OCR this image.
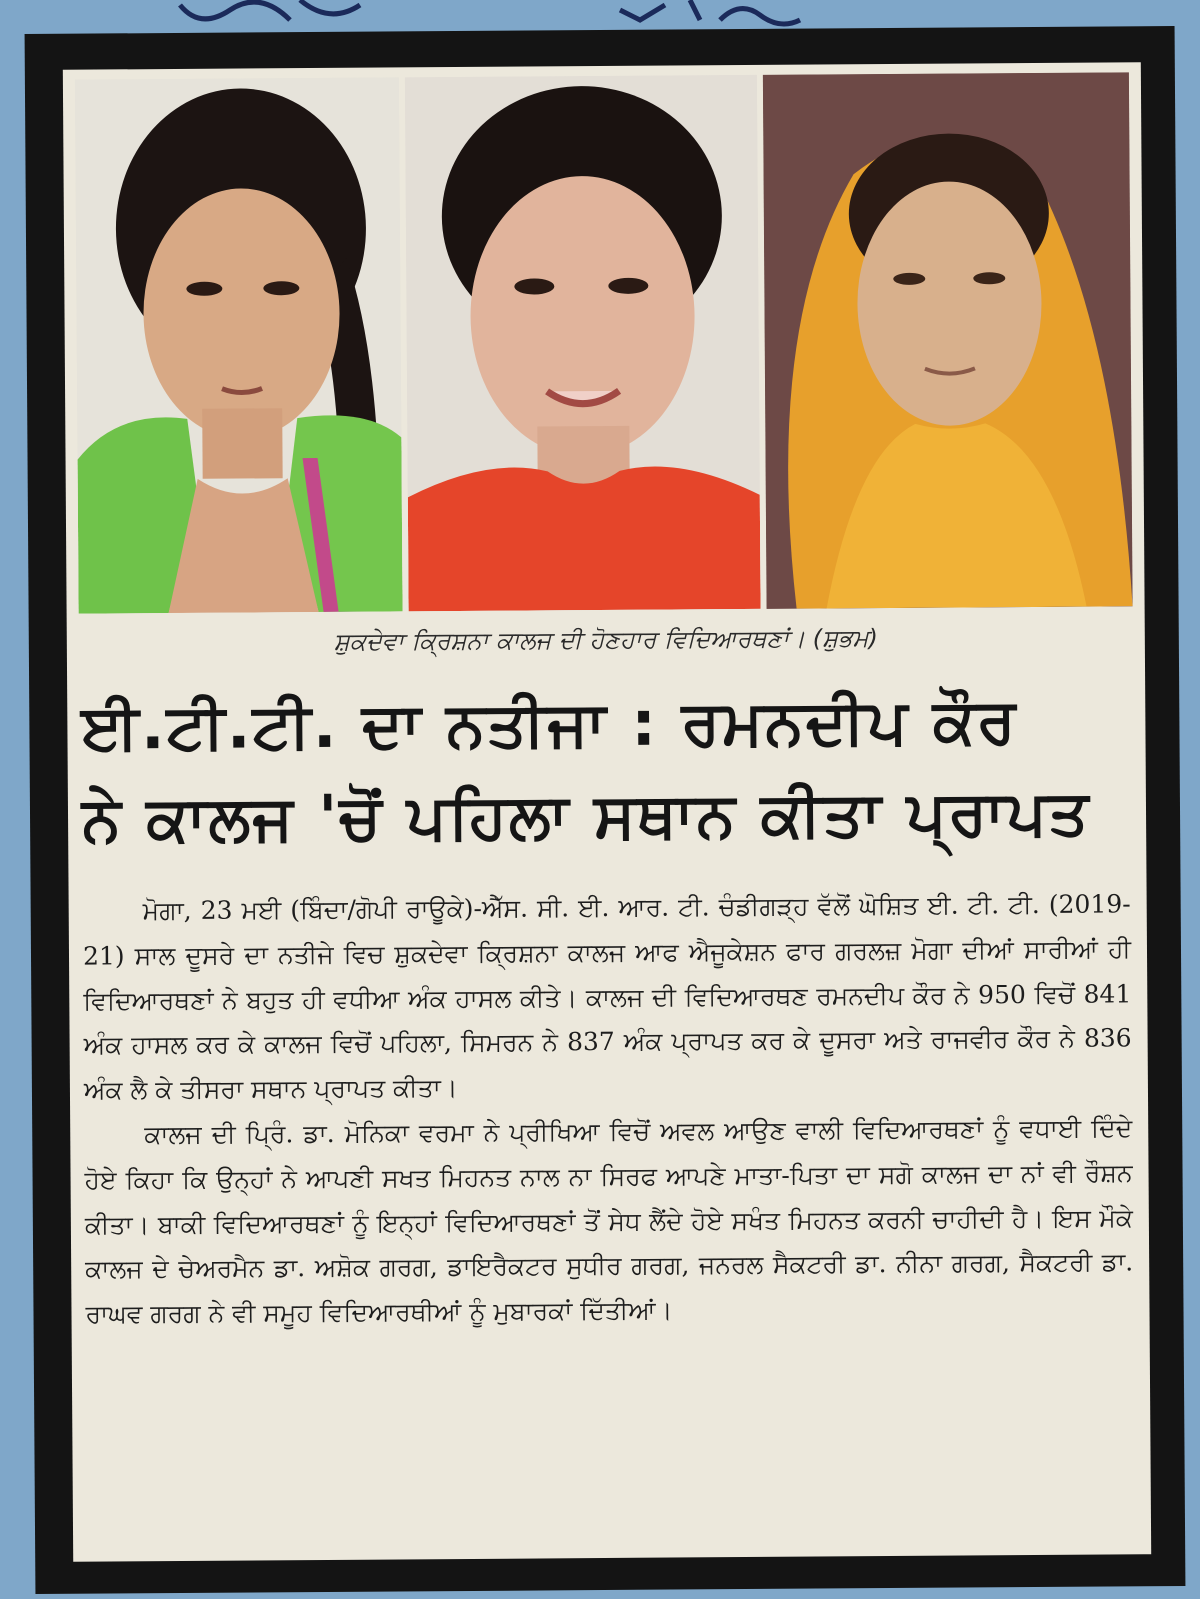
ਸ਼ੁਕਦੇਵਾ ਕ੍ਰਿਸ਼ਨਾ ਕਾਲਜ ਦੀ ਹੋਣਹਾਰ ਵਿਦਿਆਰਥਣਾਂ। (ਸ਼ੁਭਮ)
ਈ.ਟੀ.ਟੀ. ਦਾ ਨਤੀਜਾ : ਰਮਨਦੀਪ ਕੌਰ
ਨੇ ਕਾਲਜ 'ਚੋਂ ਪਹਿਲਾ ਸਥਾਨ ਕੀਤਾ ਪ੍ਰਾਪਤ

ਮੋਗਾ, 23 ਮਈ (ਬਿੰਦਾ/ਗੋਪੀ ਰਾਊਕੇ)-ਐੱਸ. ਸੀ. ਈ. ਆਰ. ਟੀ. ਚੰਡੀਗੜ੍ਹ ਵੱਲੋਂ ਘੋਸ਼ਿਤ ਈ. ਟੀ. ਟੀ. (2019-21) ਸਾਲ ਦੂਸਰੇ ਦਾ ਨਤੀਜੇ ਵਿਚ ਸ਼ੁਕਦੇਵਾ ਕ੍ਰਿਸ਼ਨਾ ਕਾਲਜ ਆਫ ਐਜੂਕੇਸ਼ਨ ਫਾਰ ਗਰਲਜ਼ ਮੋਗਾ ਦੀਆਂ ਸਾਰੀਆਂ ਹੀ ਵਿਦਿਆਰਥਣਾਂ ਨੇ ਬਹੁਤ ਹੀ ਵਧੀਆ ਅੰਕ ਹਾਸਲ ਕੀਤੇ। ਕਾਲਜ ਦੀ ਵਿਦਿਆਰਥਣ ਰਮਨਦੀਪ ਕੌਰ ਨੇ 950 ਵਿਚੋਂ 841 ਅੰਕ ਹਾਸਲ ਕਰ ਕੇ ਕਾਲਜ ਵਿਚੋਂ ਪਹਿਲਾ, ਸਿਮਰਨ ਨੇ 837 ਅੰਕ ਪ੍ਰਾਪਤ ਕਰ ਕੇ ਦੂਸਰਾ ਅਤੇ ਰਾਜਵੀਰ ਕੌਰ ਨੇ 836 ਅੰਕ ਲੈ ਕੇ ਤੀਸਰਾ ਸਥਾਨ ਪ੍ਰਾਪਤ ਕੀਤਾ।

ਕਾਲਜ ਦੀ ਪ੍ਰਿੰ. ਡਾ. ਮੋਨਿਕਾ ਵਰਮਾ ਨੇ ਪ੍ਰੀਖਿਆ ਵਿਚੋਂ ਅਵਲ ਆਉਣ ਵਾਲੀ ਵਿਦਿਆਰਥਣਾਂ ਨੂੰ ਵਧਾਈ ਦਿੰਦੇ ਹੋਏ ਕਿਹਾ ਕਿ ਉਨ੍ਹਾਂ ਨੇ ਆਪਣੀ ਸਖਤ ਮਿਹਨਤ ਨਾਲ ਨਾ ਸਿਰਫ ਆਪਣੇ ਮਾਤਾ-ਪਿਤਾ ਦਾ ਸਗੋ ਕਾਲਜ ਦਾ ਨਾਂ ਵੀ ਰੌਸ਼ਨ ਕੀਤਾ। ਬਾਕੀ ਵਿਦਿਆਰਥਣਾਂ ਨੂੰ ਇਨ੍ਹਾਂ ਵਿਦਿਆਰਥਣਾਂ ਤੋਂ ਸੇਧ ਲੈਂਦੇ ਹੋਏ ਸਖੰਤ ਮਿਹਨਤ ਕਰਨੀ ਚਾਹੀਦੀ ਹੈ। ਇਸ ਮੌਕੇ ਕਾਲਜ ਦੇ ਚੇਅਰਮੈਨ ਡਾ. ਅਸ਼ੋਕ ਗਰਗ, ਡਾਇਰੈਕਟਰ ਸੁਧੀਰ ਗਰਗ, ਜਨਰਲ ਸੈਕਟਰੀ ਡਾ. ਨੀਨਾ ਗਰਗ, ਸੈਕਟਰੀ ਡਾ. ਰਾਘਵ ਗਰਗ ਨੇ ਵੀ ਸਮੂਹ ਵਿਦਿਆਰਥੀਆਂ ਨੂੰ ਮੁਬਾਰਕਾਂ ਦਿੱਤੀਆਂ।
